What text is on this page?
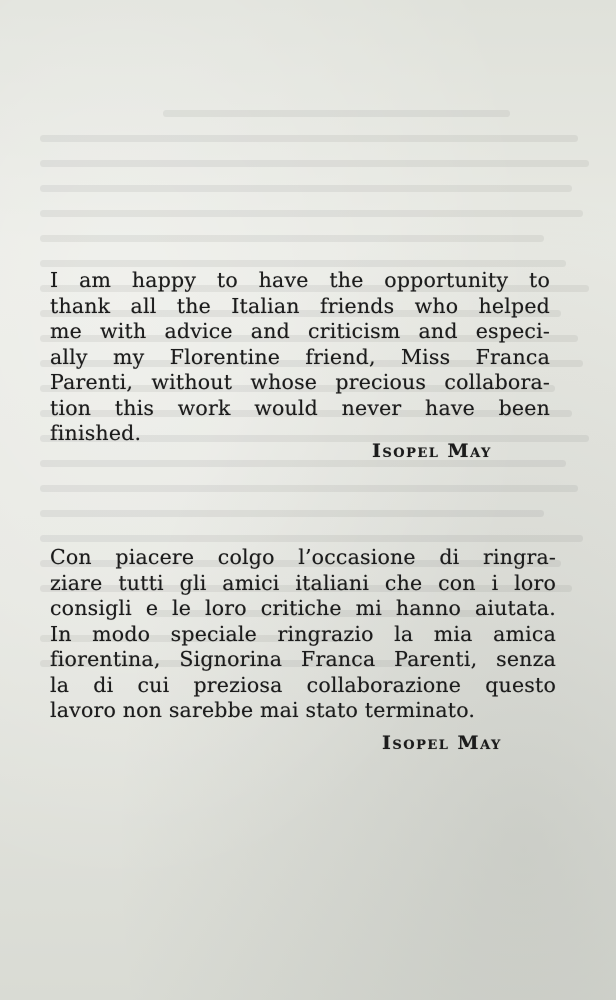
I am happy to have the opportunity to
thank all the Italian friends who helped
me with advice and criticism and especi-
ally my Florentine friend, Miss Franca
Parenti, without whose precious collabora-
tion this work would never have been
finished.
Isopel May
Con piacere colgo l’occasione di ringra-
ziare tutti gli amici italiani che con i loro
consigli e le loro critiche mi hanno aiutata.
In modo speciale ringrazio la mia amica
fiorentina, Signorina Franca Parenti, senza
la di cui preziosa collaborazione questo
lavoro non sarebbe mai stato terminato.
Isopel May
